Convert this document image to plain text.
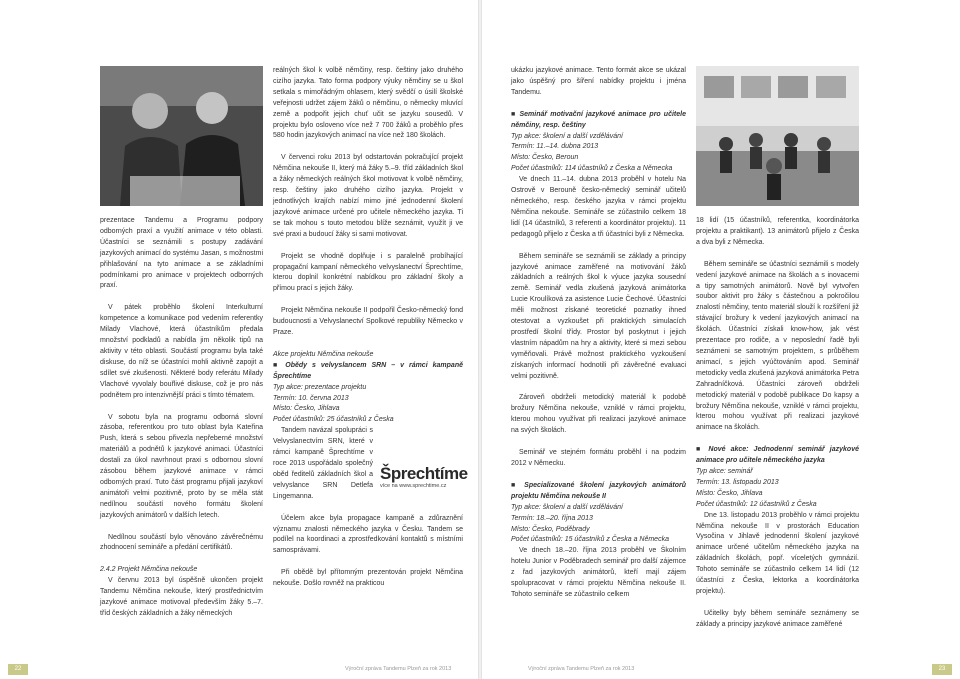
prezentace Tandemu a Programu podpory odborných praxí a využití animace v této oblasti. Účastníci se seznámili s postupy zadávání jazykových animací do systému Jasan, s možnostmi přihlašování na tyto animace a se základními podmínkami pro animace v projektech odborných praxí.

V pátek proběhlo školení Interkulturní kompetence a komunikace pod vedením referentky Milady Vlachové, která účastníkům předala množství podkladů a nabídla jim několik tipů na aktivity v této oblasti. Součástí programu byla také diskuse, do níž se účastníci mohli aktivně zapojit a sdílet své zkušenosti. Některé body referátu Milady Vlachové vyvolaly bouřlivé diskuse, což je pro nás podnětem pro intenzivnější práci s tímto tématem.

V sobotu byla na programu odborná slovní zásoba, referentkou pro tuto oblast byla Kateřina Push, která s sebou přivezla nepřeberné množství materiálů a podnětů k jazykové animaci. Účastníci dostali za úkol navrhnout praxi s odbornou slovní zásobou během jazykové animace v rámci odborných praxí. Tuto část programu přijali jazykoví animátoři velmi pozitivně, proto by se měla stát nedílnou součástí nového formátu školení jazykových animátorů v dalších letech.

Nedílnou součástí bylo věnováno závěrečnému zhodnocení semináře a předání certifikátů.

2.4.2 Projekt Němčina nekouše

V červnu 2013 byl úspěšně ukončen projekt Tandemu Němčina nekouše, který prostřednictvím jazykové animace motivoval především žáky 5.–7. tříd českých základních a žáky německých

reálných škol k volbě němčiny, resp. češtiny jako druhého cizího jazyka. Tato forma podpory výuky němčiny se u škol setkala s mimořádným ohlasem, který svědčí o úsilí školské veřejnosti udržet zájem žáků o němčinu, o německy mluvící země a podpořit jejich chuť učit se jazyku sousedů. V projektu bylo osloveno více než 7 700 žáků a proběhlo přes 580 hodin jazykových animací na více než 180 školách.

V červenci roku 2013 byl odstartován pokračující projekt Němčina nekouše II, který má žáky 5.–9. tříd základních škol a žáky německých reálných škol motivovat k volbě němčiny, resp. češtiny jako druhého cizího jazyka. Projekt v jednotlivých krajích nabízí mimo jiné jednodenní školení jazykové animace určené pro učitele německého jazyka. Ti se tak mohou s touto metodou blíže seznámit, využít ji ve své praxi a budoucí žáky si sami motivovat.

Projekt se vhodně doplňuje i s paralelně probíhající propagační kampaní německého velvyslanectví Šprechtíme, kterou doplnil konkrétní nabídkou pro základní školy a přímou prací s jejich žáky.

Projekt Němčina nekouše II podpořil Česko-německý fond budoucnosti a Velvyslanectví Spolkové republiky Německo v Praze.

Akce projektu Němčina nekouše
■ Obědy s velvyslancem SRN – v rámci kampaně Šprechtíme
Typ akce: prezentace projektu
Termín: 10. června 2013
Místo: Česko, Jihlava
Počet účastníků: 25 účastníků z Česka

Tandem navázal spolupráci s Velvyslanectvím SRN, které v rámci kampaně Šprechtíme v roce 2013 uspořádalo společný oběd ředitelů základních škol a velvyslance SRN Detlefa Lingemanna.

Účelem akce byla propagace kampaně a zdůraznění významu znalosti německého jazyka v Česku. Tandem se podílel na koordinaci a zprostředkování kontaktů s místními samosprávami.

Při obědě byl přítomným prezentován projekt Němčina nekouše. Došlo rovněž na prakticou

Šprechtíme
více na www.sprechtime.cz

ukázku jazykové animace. Tento formát akce se ukázal jako úspěšný pro šíření nabídky projektu i jména Tandemu.

■ Seminář motivační jazykové animace pro učitele němčiny, resp. češtiny
Typ akce: školení a další vzdělávání
Termín: 11.–14. dubna 2013
Místo: Česko, Beroun
Počet účastníků: 114 účastníků z Česka a Německa

Ve dnech 11.–14. dubna 2013 proběhl v hotelu Na Ostrově v Berouně česko-německý seminář učitelů německého, resp. českého jazyka v rámci projektu Němčina nekouše. Semináře se zúčastnilo celkem 18 lidí (14 účastníků, 3 referenti a koordinátor projektu). 11 pedagogů přijelo z Česka a tři účastníci byli z Německa.

Během semináře se seznámili se základy a principy jazykové animace zaměřené na motivování žáků základních a reálných škol k výuce jazyka sousední země. Seminář vedla zkušená jazyková animátorka Lucie Kroulíková za asistence Lucie Čechové. Účastníci měli možnost získané teoretické poznatky ihned otestovat a vyzkoušet při praktických simulacích prostředí školní třídy. Prostor byl poskytnut i jejich vlastním nápadům na hry a aktivity, které si mezi sebou vyměňovali. Právě možnost praktického vyzkoušení získaných informací hodnotili při závěrečné evaluaci velmi pozitivně.

Zároveň obdrželi metodický materiál k podobě brožury Němčina nekouše, vzniklé v rámci projektu, kterou mohou využívat při realizaci jazykové animace na svých školách.

Seminář ve stejném formátu proběhl i na podzim 2012 v Německu.

■ Specializované školení jazykových animátorů projektu Němčina nekouše II
Typ akce: školení a další vzdělávání
Termín: 18.–20. října 2013
Místo: Česko, Poděbrady
Počet účastníků: 15 účastníků z Česka a Německa

Ve dnech 18.–20. října 2013 proběhl ve Školním hotelu Junior v Poděbradech seminář pro další zájemce z řad jazykových animátorů, kteří mají zájem spolupracovat v rámci projektu Němčina nekouše II. Tohoto semináře se zúčastnilo celkem

18 lidí (15 účastníků, referentka, koordinátorka projektu a praktikant). 13 animátorů přijelo z Česka a dva byli z Německa.

Během semináře se účastníci seznámili s modely vedení jazykové animace na školách a s inovacemi a tipy samotných animátorů. Nově byl vytvořen soubor aktivit pro žáky s částečnou a pokročilou znalostí němčiny, tento materiál slouží k rozšíření již stávající brožury k vedení jazykových animací na školách. Účastníci získali know-how, jak vést prezentace pro rodiče, a v neposlední řadě byli seznámeni se samotným projektem, s průběhem animací, s jejich vyúčtováním apod. Seminář metodicky vedla zkušená jazyková animátorka Petra Zahradníčková. Účastníci zároveň obdrželi metodický materiál v podobě publikace Do kapsy a brožury Němčina nekouše, vzniklé v rámci projektu, kterou mohou využívat při realizaci jazykové animace na školách.

■ Nové akce: Jednodenní seminář jazykové animace pro učitele německého jazyka
Typ akce: seminář
Termín: 13. listopadu 2013
Místo: Česko, Jihlava
Počet účastníků: 12 účastníků z Česka

Dne 13. listopadu 2013 proběhlo v rámci projektu Němčina nekouše II v prostorách Education Vysočina v Jihlavě jednodenní školení jazykové animace určené učitelům německého jazyka na základních školách, popř. víceletých gymnázií. Tohoto semináře se zúčastnilo celkem 14 lidí (12 účastníci z Česka, lektorka a koordinátorka projektu).

Učitelky byly během semináře seznámeny se základy a principy jazykové animace zaměřené

22	Výroční zpráva Tandemu Plzeň za rok 2013	Výroční zpráva Tandemu Plzeň za rok 2013	23
